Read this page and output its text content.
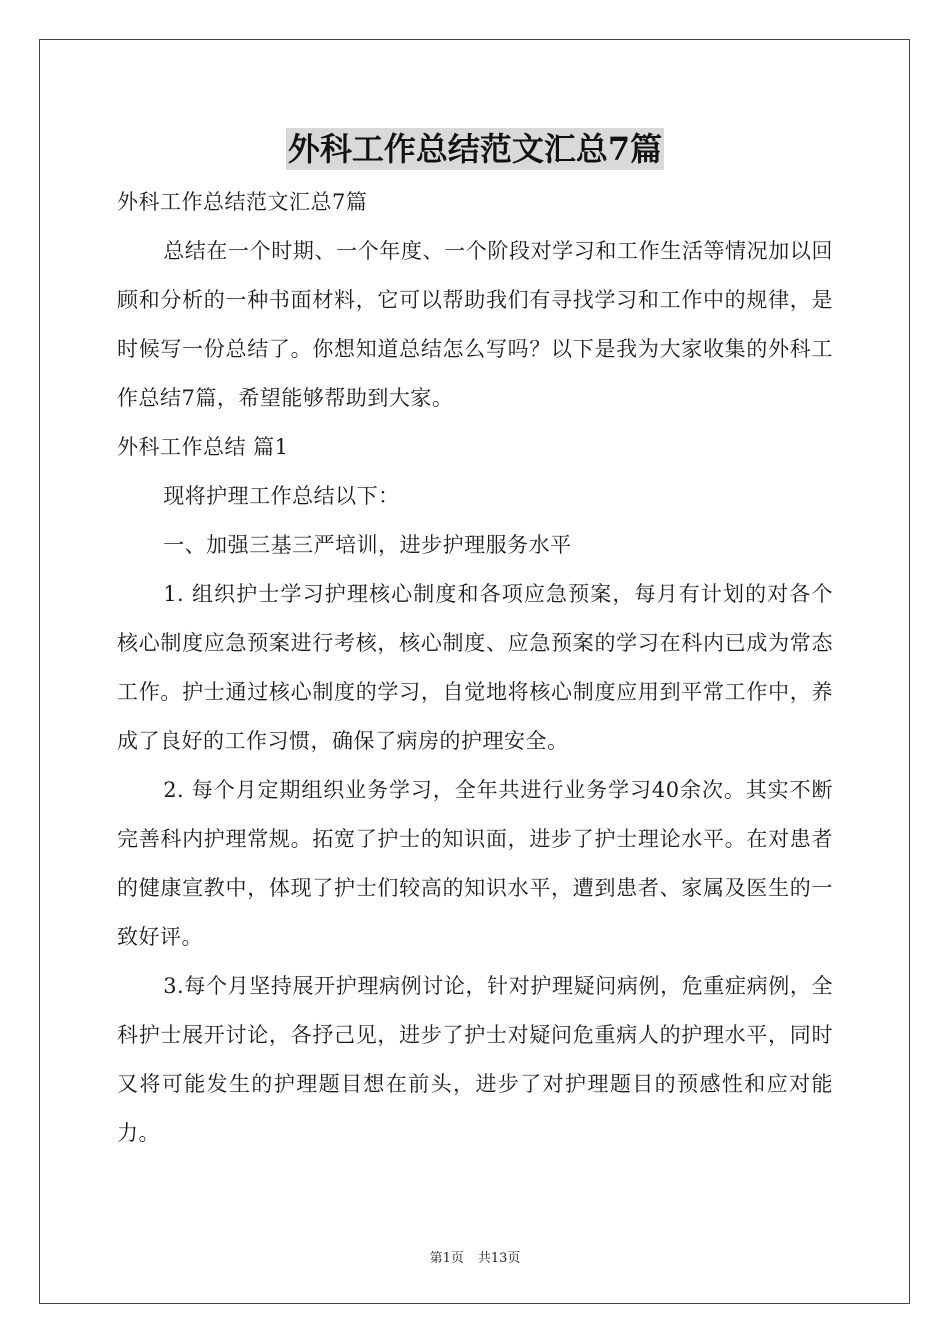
外科工作总结范文汇总7篇

外科工作总结范文汇总7篇

总结在一个时期、一个年度、一个阶段对学习和工作生活等情况加以回顾和分析的一种书面材料，它可以帮助我们有寻找学习和工作中的规律，是时候写一份总结了。你想知道总结怎么写吗？以下是我为大家收集的外科工作总结7篇，希望能够帮助到大家。

外科工作总结 篇1

现将护理工作总结以下：

一、加强三基三严培训，进步护理服务水平

1. 组织护士学习护理核心制度和各项应急预案，每月有计划的对各个核心制度应急预案进行考核，核心制度、应急预案的学习在科内已成为常态工作。护士通过核心制度的学习，自觉地将核心制度应用到平常工作中，养成了良好的工作习惯，确保了病房的护理安全。

2. 每个月定期组织业务学习，全年共进行业务学习40余次。其实不断完善科内护理常规。拓宽了护士的知识面，进步了护士理论水平。在对患者的健康宣教中，体现了护士们较高的知识水平，遭到患者、家属及医生的一致好评。

3.每个月坚持展开护理病例讨论，针对护理疑问病例，危重症病例，全科护士展开讨论，各抒己见，进步了护士对疑问危重病人的护理水平，同时又将可能发生的护理题目想在前头，进步了对护理题目的预感性和应对能力。

第1页 共13页
